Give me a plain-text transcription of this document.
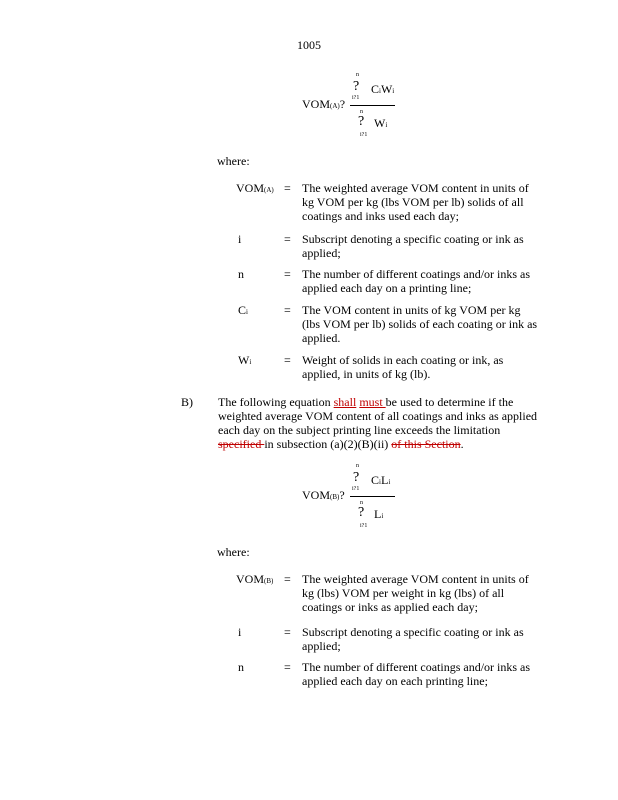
1005
VOM(A)?
n
?
i?1
CiWi
n
? Wi
i?1
where:
VOM(A) = The weighted average VOM content in units of kg VOM per kg (lbs VOM per lb) solids of all coatings and inks used each day;
i	= Subscript denoting a specific coating or ink as applied;
n	= The number of different coatings and/or inks as applied each day on a printing line;
Ci	= The VOM content in units of kg VOM per kg (lbs VOM per lb) solids of each coating or ink as applied.
Wi	= Weight of solids in each coating or ink, as applied, in units of kg (lb).
B) The following equation shall must be used to determine if the weighted average VOM content of all coatings and inks as applied each day on the subject printing line exceeds the limitation specified in subsection (a)(2)(B)(ii) of this Section.
VOM(B)?
n
?
i?1
CiLi
n
? Li
i?1
where:
VOM(B) = The weighted average VOM content in units of kg (lbs) VOM per weight in kg (lbs) of all coatings or inks as applied each day;
i	= Subscript denoting a specific coating or ink as applied;
n	= The number of different coatings and/or inks as applied each day on each printing line;
